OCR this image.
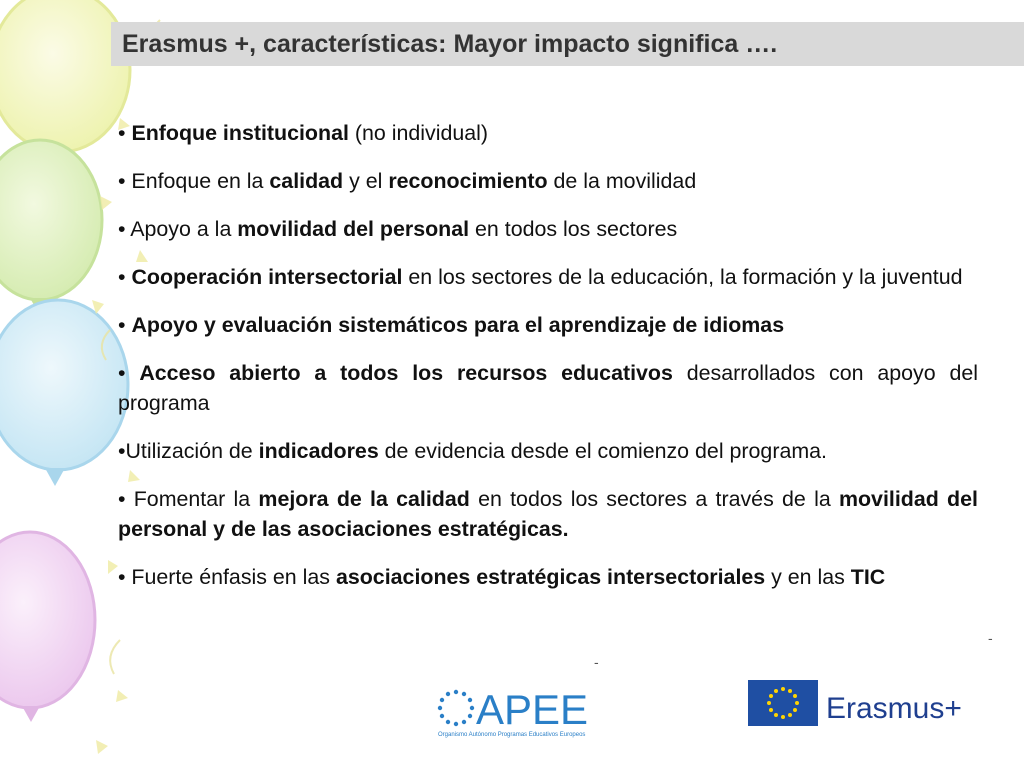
Erasmus +, características: Mayor impacto significa ….

• Enfoque institucional (no individual)

• Enfoque en la calidad y el reconocimiento de la movilidad

• Apoyo a la movilidad del personal en todos los sectores

• Cooperación intersectorial en los sectores de la educación, la formación y la juventud

• Apoyo y evaluación sistemáticos para el aprendizaje de idiomas

• Acceso abierto a todos los recursos educativos desarrollados con apoyo del programa

•Utilización de indicadores de evidencia desde el comienzo del programa.

• Fomentar la mejora de la calidad en todos los sectores a través de la movilidad del personal y de las asociaciones estratégicas.

• Fuerte énfasis en las asociaciones estratégicas intersectoriales y en las TIC

-
-
APEE
Organismo Autónomo Programas Educativos Europeos
Erasmus+
